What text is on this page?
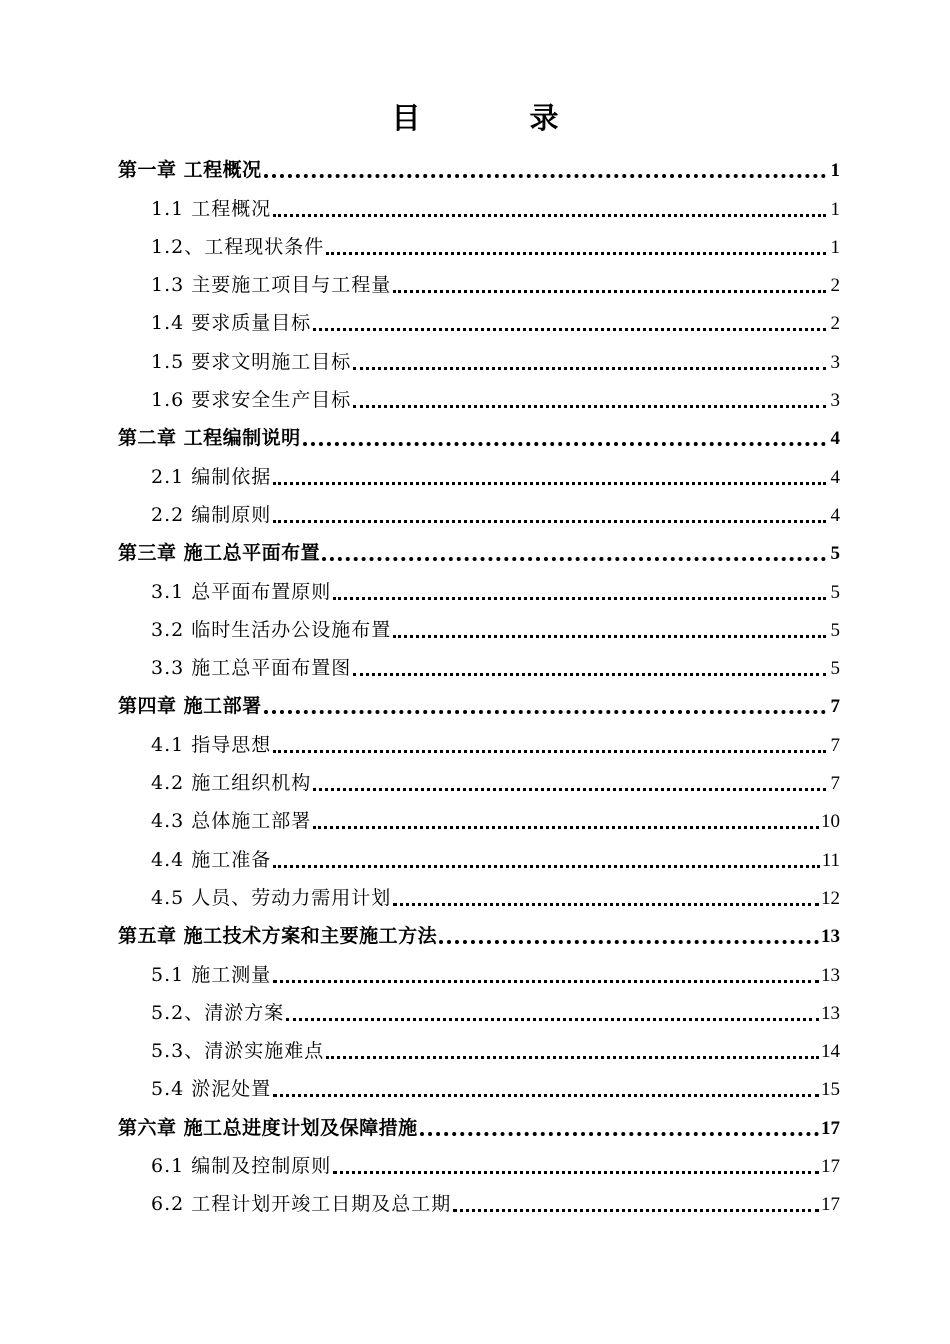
目　录
第一章 工程概况	1
1.1 工程概况	1
1.2、工程现状条件	1
1.3 主要施工项目与工程量	2
1.4 要求质量目标	2
1.5 要求文明施工目标	3
1.6 要求安全生产目标	3
第二章 工程编制说明	4
2.1 编制依据	4
2.2 编制原则	4
第三章 施工总平面布置	5
3.1 总平面布置原则	5
3.2 临时生活办公设施布置	5
3.3 施工总平面布置图	5
第四章 施工部署	7
4.1 指导思想	7
4.2 施工组织机构	7
4.3 总体施工部署	10
4.4 施工准备	11
4.5 人员、劳动力需用计划	12
第五章 施工技术方案和主要施工方法	13
5.1 施工测量	13
5.2、清淤方案	13
5.3、清淤实施难点	14
5.4 淤泥处置	15
第六章 施工总进度计划及保障措施	17
6.1 编制及控制原则	17
6.2 工程计划开竣工日期及总工期	17
